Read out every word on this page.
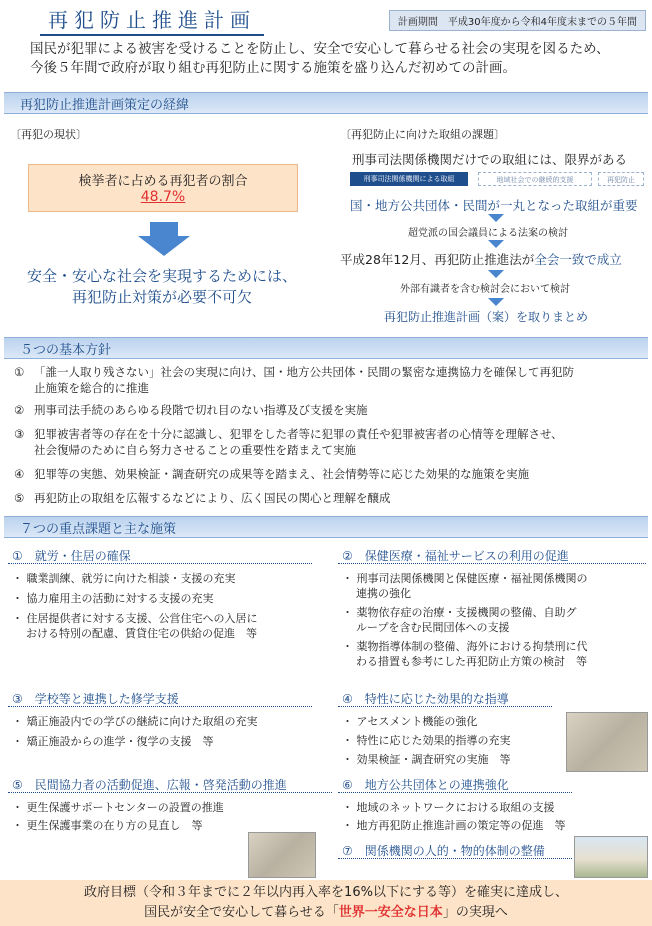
再犯防止推進計画	計画期間　平成30年度から令和4年度末までの５年間
国民が犯罪による被害を受けることを防止し、安全で安心して暮らせる社会の実現を図るため、
今後５年間で政府が取り組む再犯防止に関する施策を盛り込んだ初めての計画。
再犯防止推進計画策定の経緯
〔再犯の現状〕
検挙者に占める再犯者の割合
48.7%
安全・安心な社会を実現するためには、
再犯防止対策が必要不可欠
〔再犯防止に向けた取組の課題〕
刑事司法関係機関だけでの取組には、限界がある
刑事司法関係機関による取組	地域社会での継続的支援	再犯防止
国・地方公共団体・民間が一丸となった取組が重要
超党派の国会議員による法案の検討
平成28年12月、再犯防止推進法が全会一致で成立
外部有識者を含む検討会において検討
再犯防止推進計画（案）を取りまとめ
５つの基本方針
① 「誰一人取り残さない」社会の実現に向け、国・地方公共団体・民間の緊密な連携協力を確保して再犯防
止施策を総合的に推進
② 刑事司法手続のあらゆる段階で切れ目のない指導及び支援を実施
③ 犯罪被害者等の存在を十分に認識し、犯罪をした者等に犯罪の責任や犯罪被害者の心情等を理解させ、
社会復帰のために自ら努力させることの重要性を踏まえて実施
④ 犯罪等の実態、効果検証・調査研究の成果等を踏まえ、社会情勢等に応じた効果的な施策を実施
⑤ 再犯防止の取組を広報するなどにより、広く国民の関心と理解を醸成
７つの重点課題と主な施策
①　就労・住居の確保
・ 職業訓練、就労に向けた相談・支援の充実
・ 協力雇用主の活動に対する支援の充実
・ 住居提供者に対する支援、公営住宅への入居に
おける特別の配慮、賃貸住宅の供給の促進　等
②　保健医療・福祉サービスの利用の促進
・ 刑事司法関係機関と保健医療・福祉関係機関の
連携の強化
・ 薬物依存症の治療・支援機関の整備、自助グ
ループを含む民間団体への支援
・ 薬物指導体制の整備、海外における拘禁刑に代
わる措置も参考にした再犯防止方策の検討　等
③　学校等と連携した修学支援
・ 矯正施設内での学びの継続に向けた取組の充実
・ 矯正施設からの進学・復学の支援　等
④　特性に応じた効果的な指導
・ アセスメント機能の強化
・ 特性に応じた効果的指導の充実
・ 効果検証・調査研究の実施　等
⑤　民間協力者の活動促進、広報・啓発活動の推進
・ 更生保護サポートセンターの設置の推進
・ 更生保護事業の在り方の見直し　等
⑥　地方公共団体との連携強化
・ 地域のネットワークにおける取組の支援
・ 地方再犯防止推進計画の策定等の促進　等
⑦　関係機関の人的・物的体制の整備
政府目標（令和３年までに２年以内再入率を16%以下にする等）を確実に達成し、
国民が安全で安心して暮らせる「世界一安全な日本」の実現へ
